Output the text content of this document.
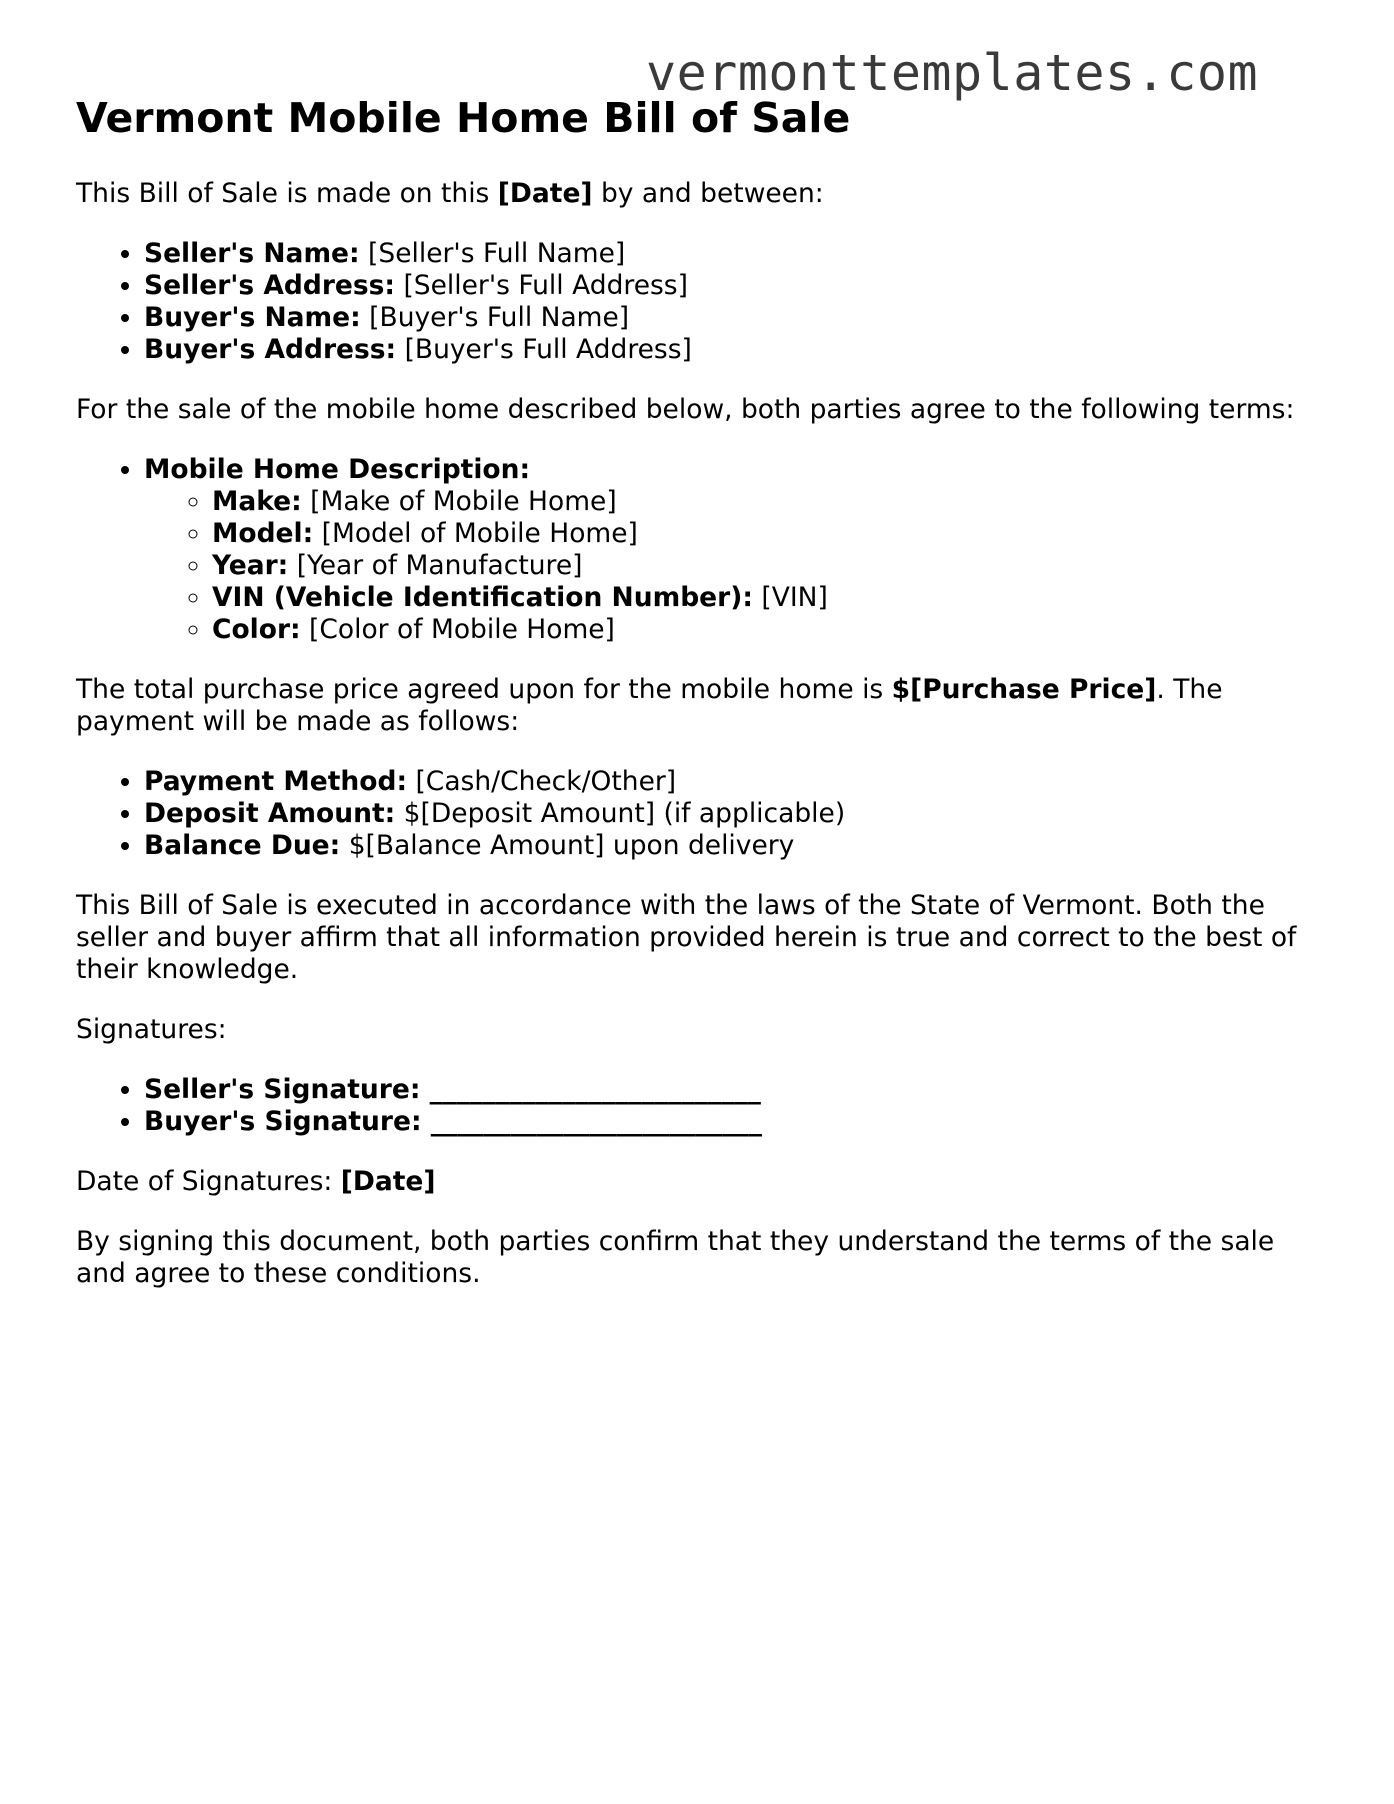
vermonttemplates.com
Vermont Mobile Home Bill of Sale

This Bill of Sale is made on this [Date] by and between:

• Seller's Name: [Seller's Full Name]
• Seller's Address: [Seller's Full Address]
• Buyer's Name: [Buyer's Full Name]
• Buyer's Address: [Buyer's Full Address]

For the sale of the mobile home described below, both parties agree to the following terms:

• Mobile Home Description:
◦ Make: [Make of Mobile Home]
◦ Model: [Model of Mobile Home]
◦ Year: [Year of Manufacture]
◦ VIN (Vehicle Identification Number): [VIN]
◦ Color: [Color of Mobile Home]

The total purchase price agreed upon for the mobile home is $[Purchase Price]. The payment will be made as follows:

• Payment Method: [Cash/Check/Other]
• Deposit Amount: $[Deposit Amount] (if applicable)
• Balance Due: $[Balance Amount] upon delivery

This Bill of Sale is executed in accordance with the laws of the State of Vermont. Both the seller and buyer affirm that all information provided herein is true and correct to the best of their knowledge.

Signatures:

• Seller's Signature: _________________________
• Buyer's Signature: _________________________

Date of Signatures: [Date]

By signing this document, both parties confirm that they understand the terms of the sale and agree to these conditions.
